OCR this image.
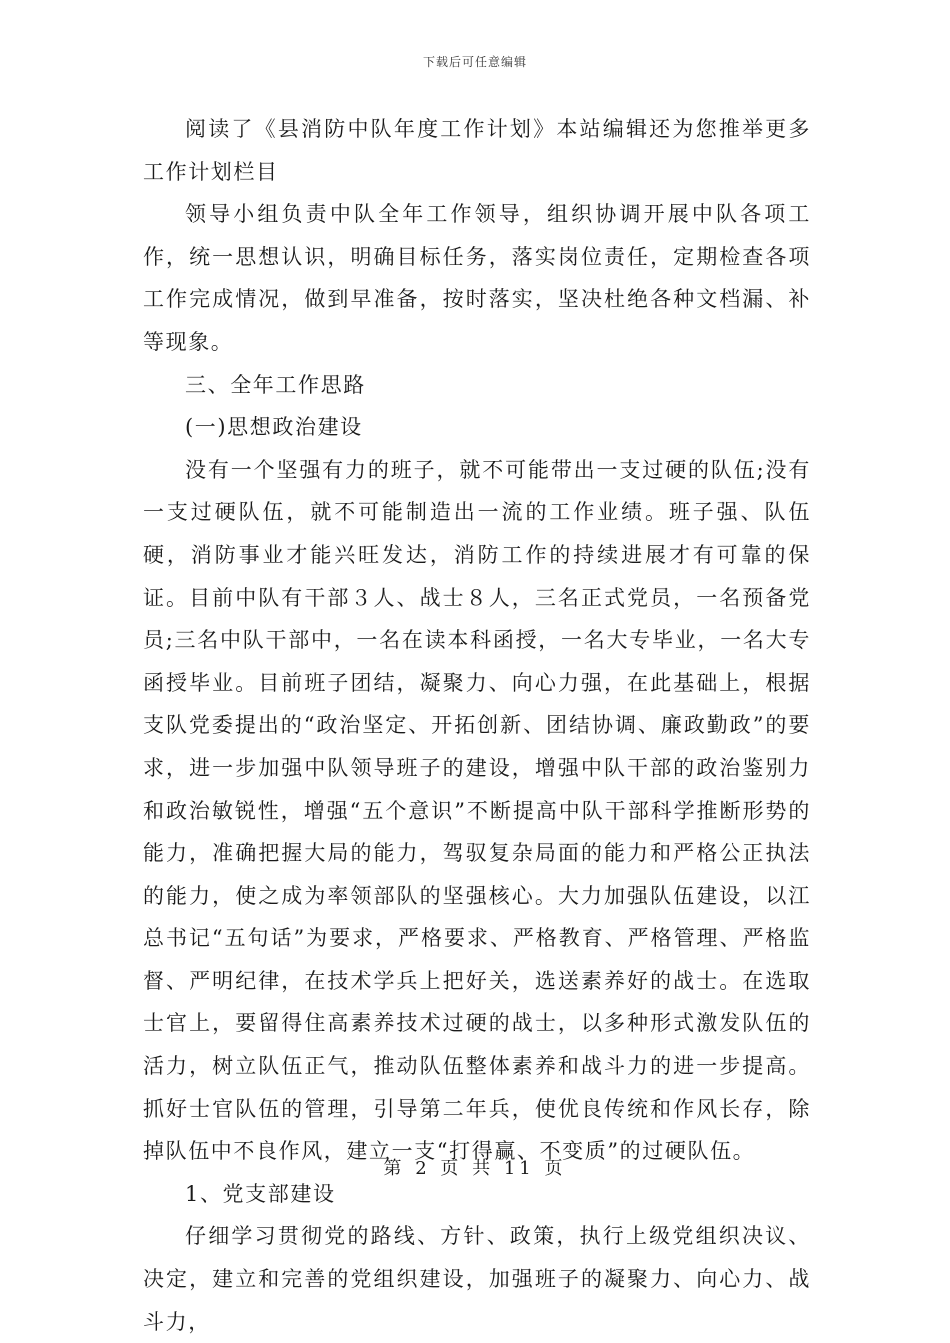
下载后可任意编辑

阅读了《县消防中队年度工作计划》本站编辑还为您推举更多工作计划栏目

领导小组负责中队全年工作领导，组织协调开展中队各项工作，统一思想认识，明确目标任务，落实岗位责任，定期检查各项工作完成情况，做到早准备，按时落实，坚决杜绝各种文档漏、补等现象。

三、全年工作思路

(一)思想政治建设

没有一个坚强有力的班子，就不可能带出一支过硬的队伍;没有一支过硬队伍，就不可能制造出一流的工作业绩。班子强、队伍硬，消防事业才能兴旺发达，消防工作的持续进展才有可靠的保证。目前中队有干部３人、战士８人，三名正式党员，一名预备党员;三名中队干部中，一名在读本科函授，一名大专毕业，一名大专函授毕业。目前班子团结，凝聚力、向心力强，在此基础上，根据支队党委提出的“政治坚定、开拓创新、团结协调、廉政勤政”的要求，进一步加强中队领导班子的建设，增强中队干部的政治鉴别力和政治敏锐性，增强“五个意识”不断提高中队干部科学推断形势的能力，准确把握大局的能力，驾驭复杂局面的能力和严格公正执法的能力，使之成为率领部队的坚强核心。大力加强队伍建设，以江总书记“五句话”为要求，严格要求、严格教育、严格管理、严格监督、严明纪律，在技术学兵上把好关，选送素养好的战士。在选取士官上，要留得住高素养技术过硬的战士，以多种形式激发队伍的活力，树立队伍正气，推动队伍整体素养和战斗力的进一步提高。抓好士官队伍的管理，引导第二年兵，使优良传统和作风长存，除掉队伍中不良作风，建立一支“打得赢、不变质”的过硬队伍。

1、党支部建设

仔细学习贯彻党的路线、方针、政策，执行上级党组织决议、决定，建立和完善的党组织建设，加强班子的凝聚力、向心力、战斗力，

第 2 页 共 11 页
